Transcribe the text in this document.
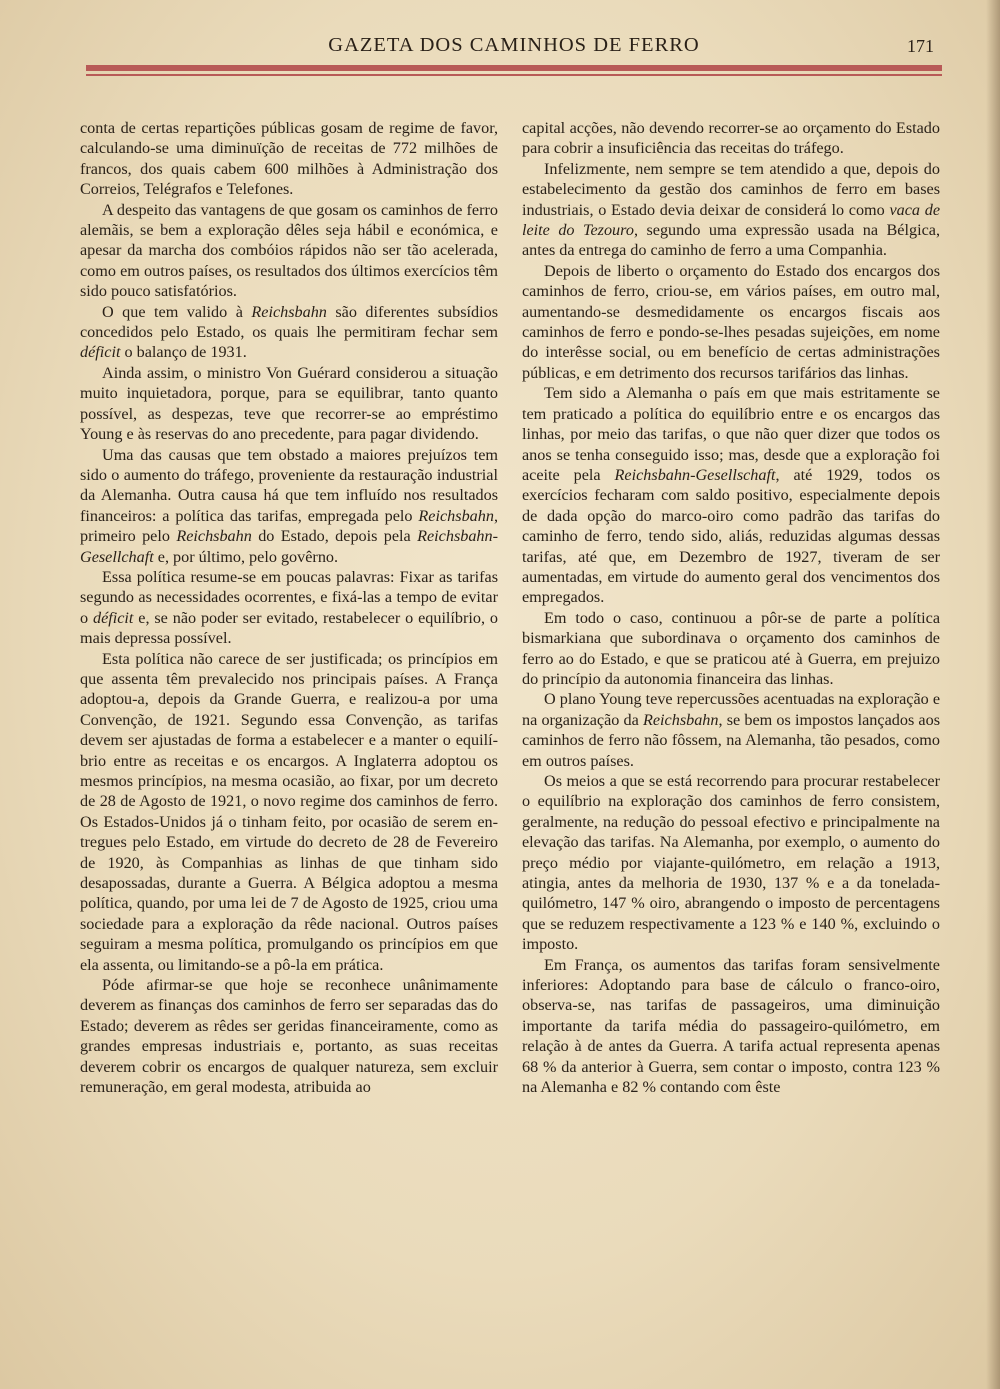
GAZETA DOS CAMINHOS DE FERRO	171

conta de certas repartições públicas gosam de regime de favor, calculando-se uma diminuïção de receitas de 772 milhões de francos, dos quais cabem 600 milhões à Administração dos Correios, Telégrafos e Telefones.

A despeito das vantagens de que gosam os caminhos de ferro alemãis, se bem a exploração dêles seja hábil e económica, e apesar da marcha dos combóios rápidos não ser tão acelerada, como em outros países, os resultados dos últimos exercícios têm sido pouco satisfatórios.

O que tem valido à Reichsbahn são diferentes subsídios concedidos pelo Estado, os quais lhe permitiram fechar sem déficit o balanço de 1931.

Ainda assim, o ministro Von Guérard considerou a situação muito inquietadora, porque, para se equilibrar, tanto quanto possível, as despezas, teve que recorrer-se ao empréstimo Young e às reservas do ano precedente, para pagar dividendo.

Uma das causas que tem obstado a maiores prejuízos tem sido o aumento do tráfego, proveniente da restauração industrial da Alemanha. Outra causa há que tem influído nos resultados financeiros: a política das tarifas, empregada pelo Reichsbahn, primeiro pelo Reichsbahn do Estado, depois pela Reichsbahn-Gesellchaft e, por último, pelo govêrno.

Essa política resume-se em poucas palavras: Fixar as tarifas segundo as necessidades ocorrentes, e fixá-las a tempo de evitar o déficit e, se não poder ser evitado, restabelecer o equilíbrio, o mais depressa possível.

Esta política não carece de ser justificada; os princípios em que assenta têm prevalecido nos principais países. A França adoptou-a, depois da Grande Guerra, e realizou-a por uma Convenção, de 1921. Segundo essa Convenção, as tarifas devem ser ajustadas de forma a estabelecer e a manter o equilíbrio entre as receitas e os encargos. A Inglaterra adoptou os mesmos princípios, na mesma ocasião, ao fixar, por um decreto de 28 de Agosto de 1921, o novo regime dos caminhos de ferro. Os Estados-Unidos já o tinham feito, por ocasião de serem entregues pelo Estado, em virtude do decreto de 28 de Fevereiro de 1920, às Companhias as linhas de que tinham sido desapossadas, durante a Guerra. A Bélgica adoptou a mesma política, quando, por uma lei de 7 de Agosto de 1925, criou uma sociedade para a exploração da rêde nacional. Outros países seguiram a mesma política, promulgando os princípios em que ela assenta, ou limitando-se a pô-la em prática.

Póde afirmar-se que hoje se reconhece unânimamente deverem as finanças dos caminhos de ferro ser separadas das do Estado; deverem as rêdes ser geridas financeiramente, como as grandes empresas industriais e, portanto, as suas receitas deverem cobrir os encargos de qualquer natureza, sem excluir remuneração, em geral modesta, atribuida ao

capital acções, não devendo recorrer-se ao orçamento do Estado para cobrir a insuficiência das receitas do tráfego.

Infelizmente, nem sempre se tem atendido a que, depois do estabelecimento da gestão dos caminhos de ferro em bases industriais, o Estado devia deixar de considerá lo como vaca de leite do Tezouro, segundo uma expressão usada na Bélgica, antes da entrega do caminho de ferro a uma Companhia.

Depois de liberto o orçamento do Estado dos encargos dos caminhos de ferro, criou-se, em vários países, em outro mal, aumentando-se desmedidamente os encargos fiscais aos caminhos de ferro e pondo-se-lhes pesadas sujeições, em nome do interêsse social, ou em benefício de certas administrações públicas, e em detrimento dos recursos tarifários das linhas.

Tem sido a Alemanha o país em que mais estritamente se tem praticado a política do equilíbrio entre e os encargos das linhas, por meio das tarifas, o que não quer dizer que todos os anos se tenha conseguido isso; mas, desde que a exploração foi aceite pela Reichsbahn-Gesellschaft, até 1929, todos os exercícios fecharam com saldo positivo, especialmente depois de dada opção do marco-oiro como padrão das tarifas do caminho de ferro, tendo sido, aliás, reduzidas algumas dessas tarifas, até que, em Dezembro de 1927, tiveram de ser aumentadas, em virtude do aumento geral dos vencimentos dos empregados.

Em todo o caso, continuou a pôr-se de parte a política bismarkiana que subordinava o orçamento dos caminhos de ferro ao do Estado, e que se praticou até à Guerra, em prejuizo do princípio da autonomia financeira das linhas.

O plano Young teve repercussões acentuadas na exploração e na organização da Reichsbahn, se bem os impostos lançados aos caminhos de ferro não fôssem, na Alemanha, tão pesados, como em outros países.

Os meios a que se está recorrendo para procurar restabelecer o equilíbrio na exploração dos caminhos de ferro consistem, geralmente, na redução do pessoal efectivo e principalmente na elevação das tarifas. Na Alemanha, por exemplo, o aumento do preço médio por viajante-quilómetro, em relação a 1913, atingia, antes da melhoria de 1930, 137 % e a da tonelada-quilómetro, 147 % oiro, abrangendo o imposto de percentagens que se reduzem respectivamente a 123 % e 140 %, excluindo o imposto.

Em França, os aumentos das tarifas foram sensivelmente inferiores: Adoptando para base de cálculo o franco-oiro, observa-se, nas tarifas de passageiros, uma diminuição importante da tarifa média do passageiro-quilómetro, em relação à de antes da Guerra. A tarifa actual representa apenas 68 % da anterior à Guerra, sem contar o imposto, contra 123 % na Alemanha e 82 % contando com êste
